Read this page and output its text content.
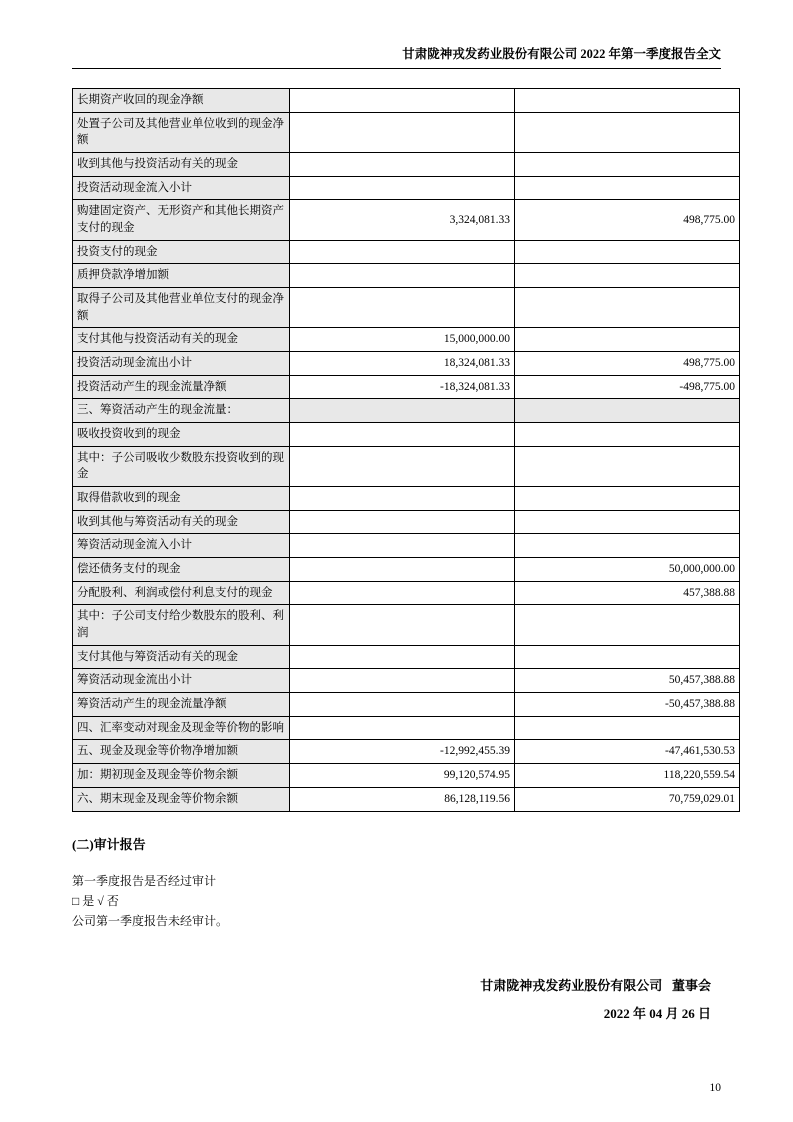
甘肃陇神戎发药业股份有限公司 2022 年第一季度报告全文
长期资产收回的现金净额		
处置子公司及其他营业单位收到的现金净额		
收到其他与投资活动有关的现金		
投资活动现金流入小计		
购建固定资产、无形资产和其他长期资产支付的现金	3,324,081.33	498,775.00
投资支付的现金		
质押贷款净增加额		
取得子公司及其他营业单位支付的现金净额		
支付其他与投资活动有关的现金	15,000,000.00	
投资活动现金流出小计	18,324,081.33	498,775.00
投资活动产生的现金流量净额	-18,324,081.33	-498,775.00
三、筹资活动产生的现金流量：		
吸收投资收到的现金		
其中：子公司吸收少数股东投资收到的现金		
取得借款收到的现金		
收到其他与筹资活动有关的现金		
筹资活动现金流入小计		
偿还债务支付的现金		50,000,000.00
分配股利、利润或偿付利息支付的现金		457,388.88
其中：子公司支付给少数股东的股利、利润		
支付其他与筹资活动有关的现金		
筹资活动现金流出小计		50,457,388.88
筹资活动产生的现金流量净额		-50,457,388.88
四、汇率变动对现金及现金等价物的影响		
五、现金及现金等价物净增加额	-12,992,455.39	-47,461,530.53
加：期初现金及现金等价物余额	99,120,574.95	118,220,559.54
六、期末现金及现金等价物余额	86,128,119.56	70,759,029.01
(二)审计报告
第一季度报告是否经过审计
□ 是 √ 否
公司第一季度报告未经审计。
甘肃陇神戎发药业股份有限公司 董事会
2022 年 04 月 26 日
10
